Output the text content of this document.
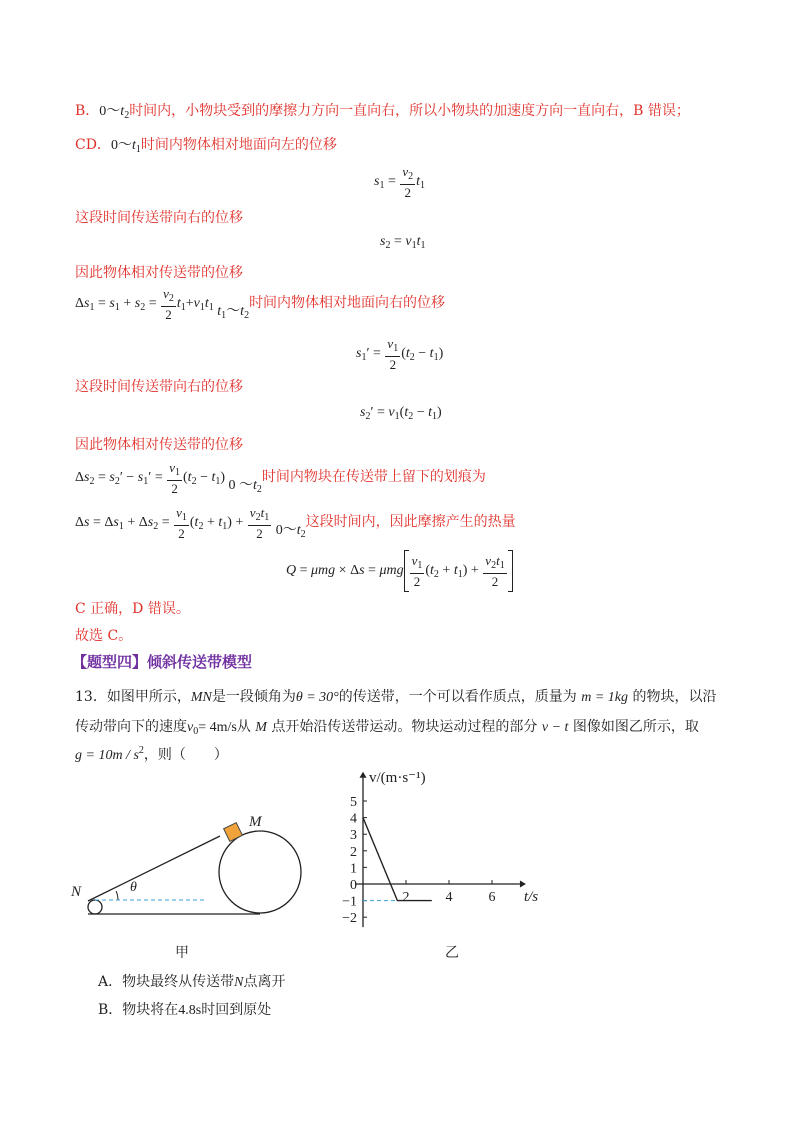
B．$0\sim t_2$时间内，小物块受到的摩擦力方向一直向右，所以小物块的加速度方向一直向右，B 错误；
CD．$0\sim t_1$时间内物体相对地面向左的位移
$s_1 = \frac{v_2}{2} t_1$
这段时间传送带向右的位移
$s_2 = v_1t_1$
因此物体相对传送带的位移
$\Delta s_1 = s_1 + s_2 = \frac{v_2}{2} t_1+v_1t_1$ $t_1\sim t_2$时间内物体相对地面向右的位移
$s_1' = \frac{v_1}{2} (t_2 - t_1)$
这段时间传送带向右的位移
$s_2' = v_1(t_2 - t_1)$
因此物体相对传送带的位移
$\Delta s_2 = s_2' - s_1' = \frac{v_1}{2} (t_2 - t_1)$ 0 $\sim t_2$时间内物块在传送带上留下的划痕为
$\Delta s = \Delta s_1 + \Delta s_2 = \frac{v_1}{2} (t_2 + t_1) + \frac{v_2t_1}{2}$ $0\sim t_2$这段时间内，因此摩擦产生的热量
Q = μmg × Δs = μmg $\frac{v_1}{2} (t_2 + t_1) + \frac{v_2t_1}{2}$
C 正确，D 错误。
故选 C。
【题型四】倾斜传送带模型
13．如图甲所示，MN是一段倾角为θ = 30°的传送带，一个可以看作质点，质量为 m = 1kg 的物块，以沿
传动带向下的速度$v_0= 4m/s$从 M 点开始沿传送带运动。物块运动过程的部分 v − t 图像如图乙所示，取
$g = 10m / s^2$，则（　　）
M
N	θ
甲
−2
−1
0
1
2
3
4
5
2	4	6
v/(m·s⁻¹)
t/s
乙
A．物块最终从传送带N点离开
B．物块将在4.8s时回到原处
